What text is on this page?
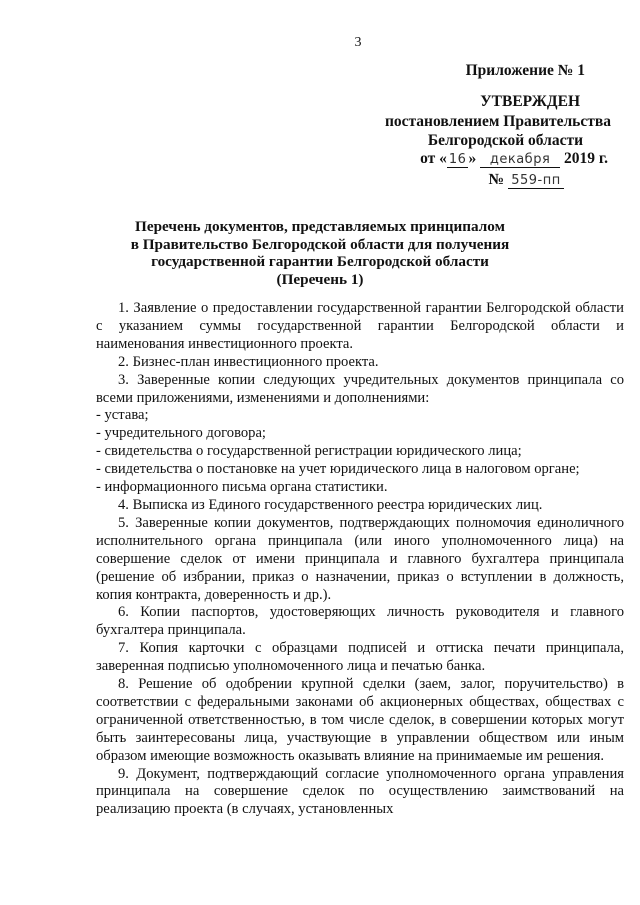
3
Приложение № 1
УТВЕРЖДЕН
постановлением Правительства
Белгородской области
от « 16 » декабря 2019 г.
№ 559-пп
Перечень документов, представляемых принципалом
в Правительство Белгородской области для получения
государственной гарантии Белгородской области
(Перечень 1)

1. Заявление о предоставлении государственной гарантии Белгородской области с указанием суммы государственной гарантии Белгородской области и наименования инвестиционного проекта.

2. Бизнес-план инвестиционного проекта.

3. Заверенные копии следующих учредительных документов принципала со всеми приложениями, изменениями и дополнениями:

- устава;

- учредительного договора;

- свидетельства о государственной регистрации юридического лица;

- свидетельства о постановке на учет юридического лица в налоговом органе;

- информационного письма органа статистики.

4. Выписка из Единого государственного реестра юридических лиц.

5. Заверенные копии документов, подтверждающих полномочия единоличного исполнительного органа принципала (или иного уполномоченного лица) на совершение сделок от имени принципала и главного бухгалтера принципала (решение об избрании, приказ о назначении, приказ о вступлении в должность, копия контракта, доверенность и др.).

6. Копии паспортов, удостоверяющих личность руководителя и главного бухгалтера принципала.

7. Копия карточки с образцами подписей и оттиска печати принципала, заверенная подписью уполномоченного лица и печатью банка.

8. Решение об одобрении крупной сделки (заем, залог, поручительство) в соответствии с федеральными законами об акционерных обществах, обществах с ограниченной ответственностью, в том числе сделок, в совершении которых могут быть заинтересованы лица, участвующие в управлении обществом или иным образом имеющие возможность оказывать влияние на принимаемые им решения.

9. Документ, подтверждающий согласие уполномоченного органа управления принципала на совершение сделок по осуществлению заимствований на реализацию проекта (в случаях, установленных
